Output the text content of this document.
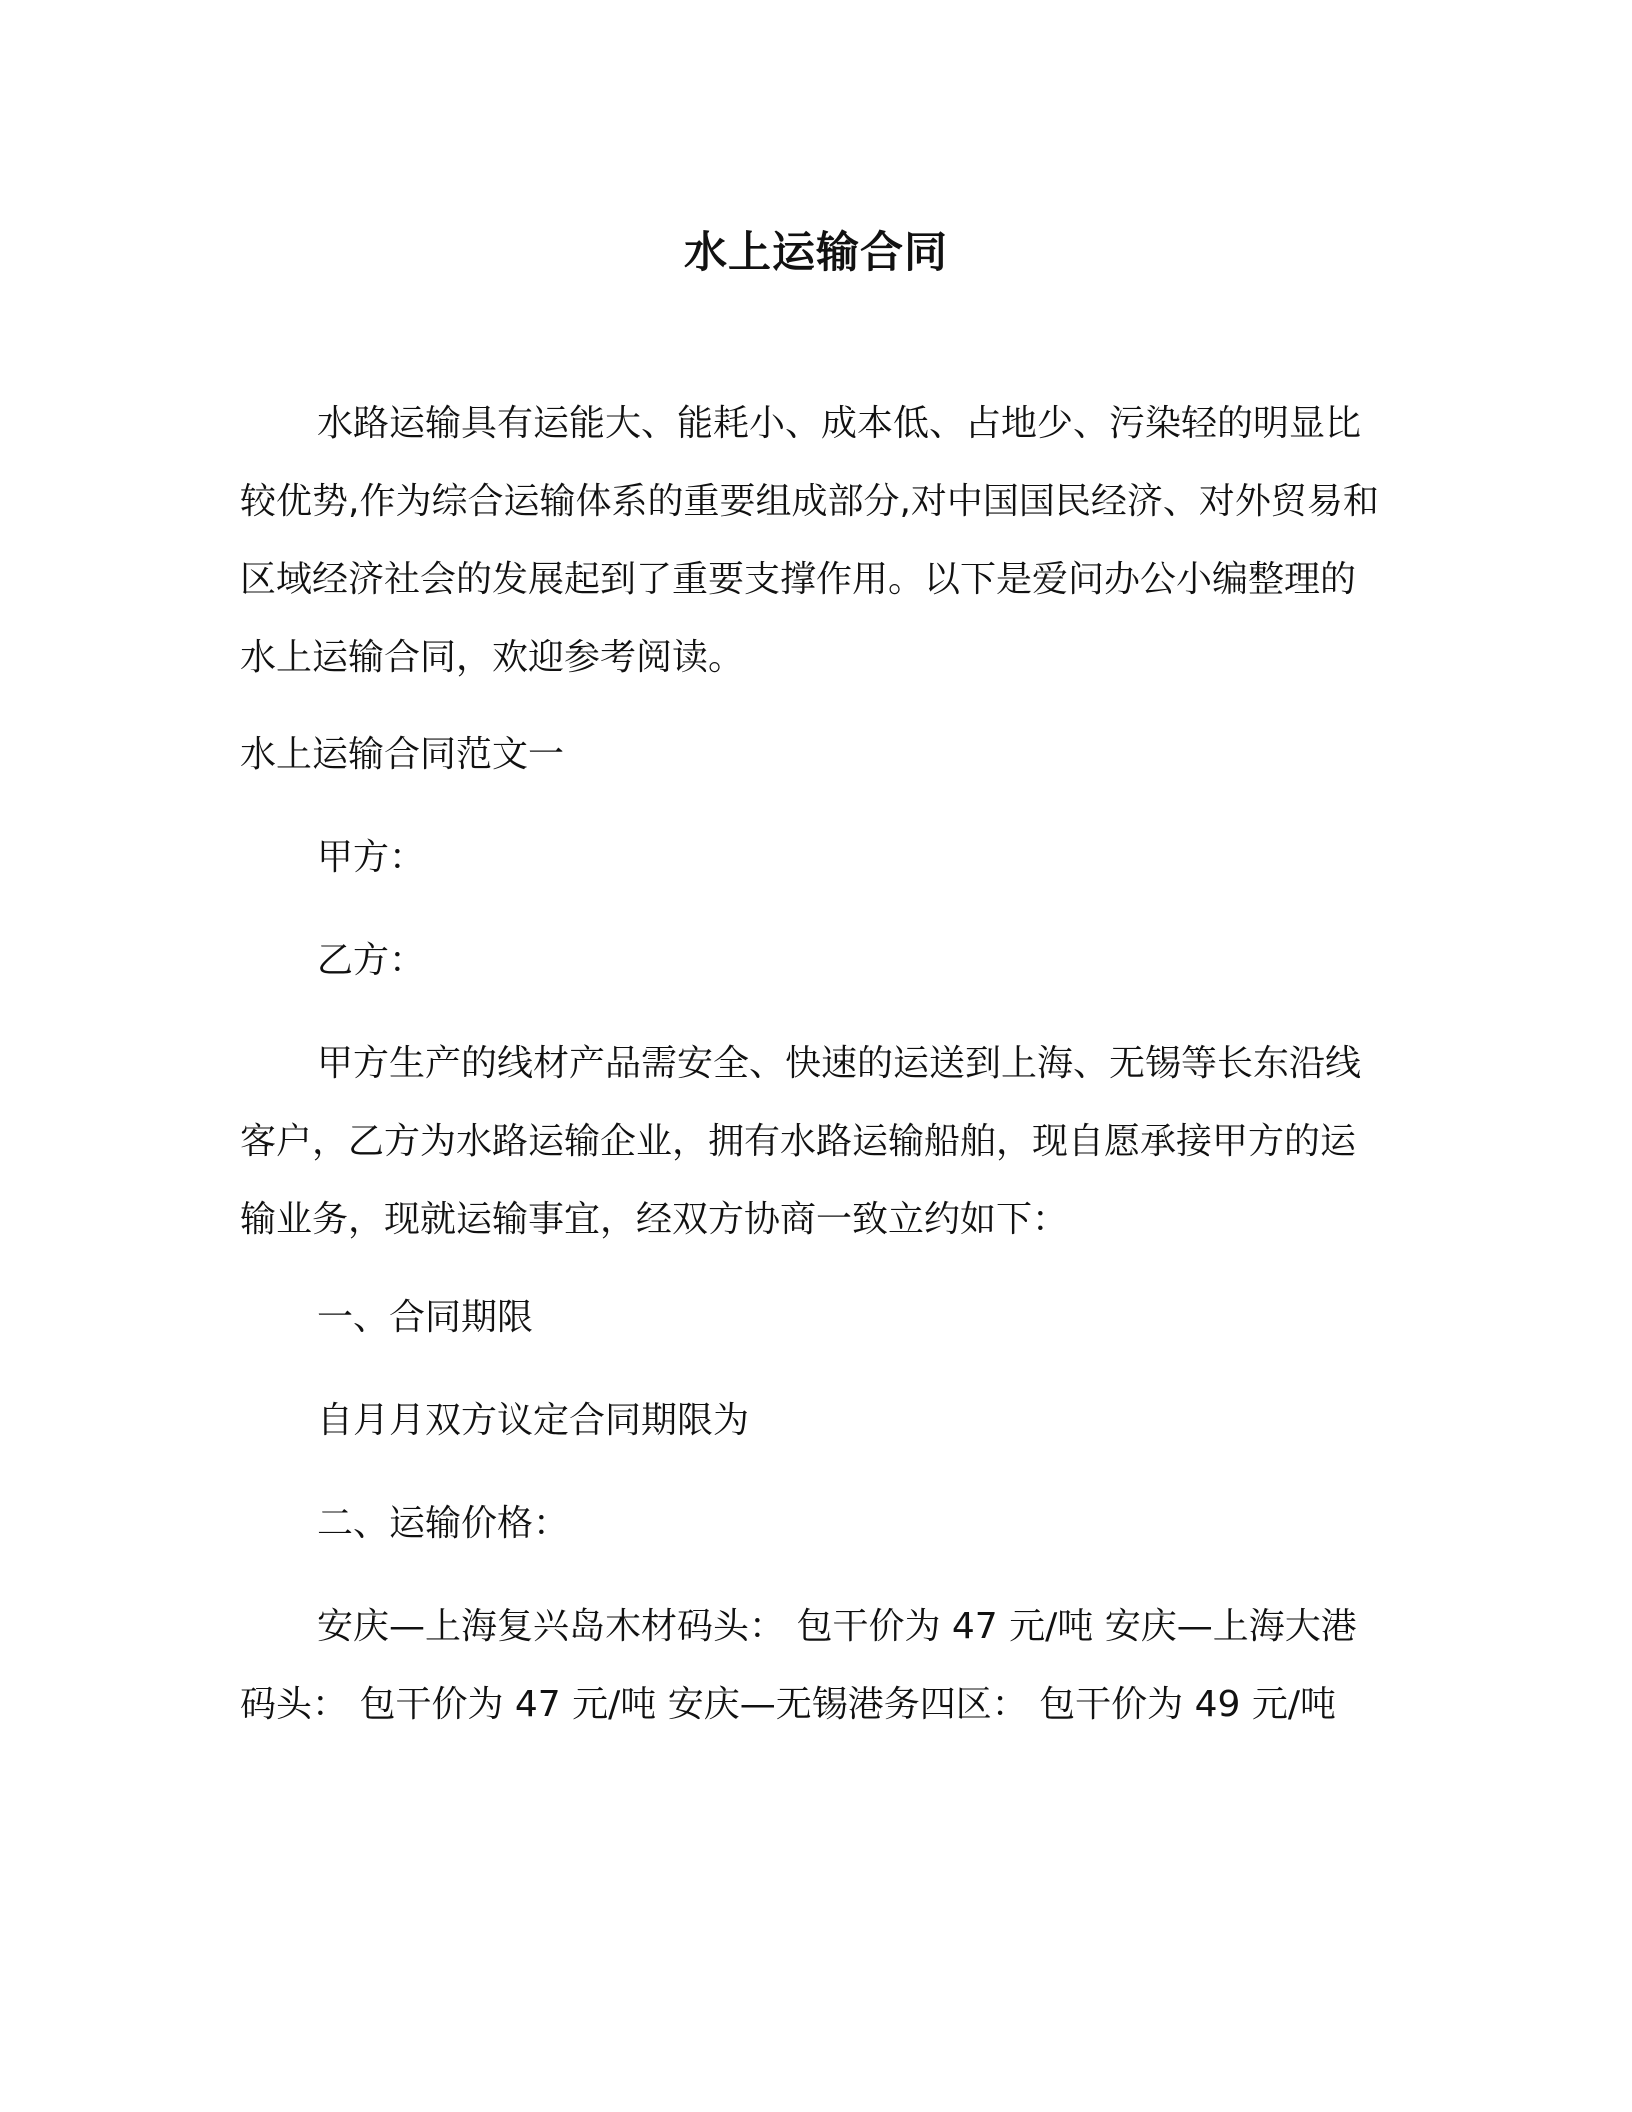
水上运输合同

水路运输具有运能大、能耗小、成本低、占地少、污染轻的明显比较优势,作为综合运输体系的重要组成部分,对中国国民经济、对外贸易和区域经济社会的发展起到了重要支撑作用。以下是爱问办公小编整理的水上运输合同，欢迎参考阅读。

水上运输合同范文一

甲方：

乙方：

甲方生产的线材产品需安全、快速的运送到上海、无锡等长东沿线客户，乙方为水路运输企业，拥有水路运输船舶，现自愿承接甲方的运输业务，现就运输事宜，经双方协商一致立约如下：

一、合同期限

自月月双方议定合同期限为

二、运输价格：

安庆—上海复兴岛木材码头： 包干价为 47 元/吨 安庆—上海大港码头： 包干价为 47 元/吨 安庆—无锡港务四区： 包干价为 49 元/吨
